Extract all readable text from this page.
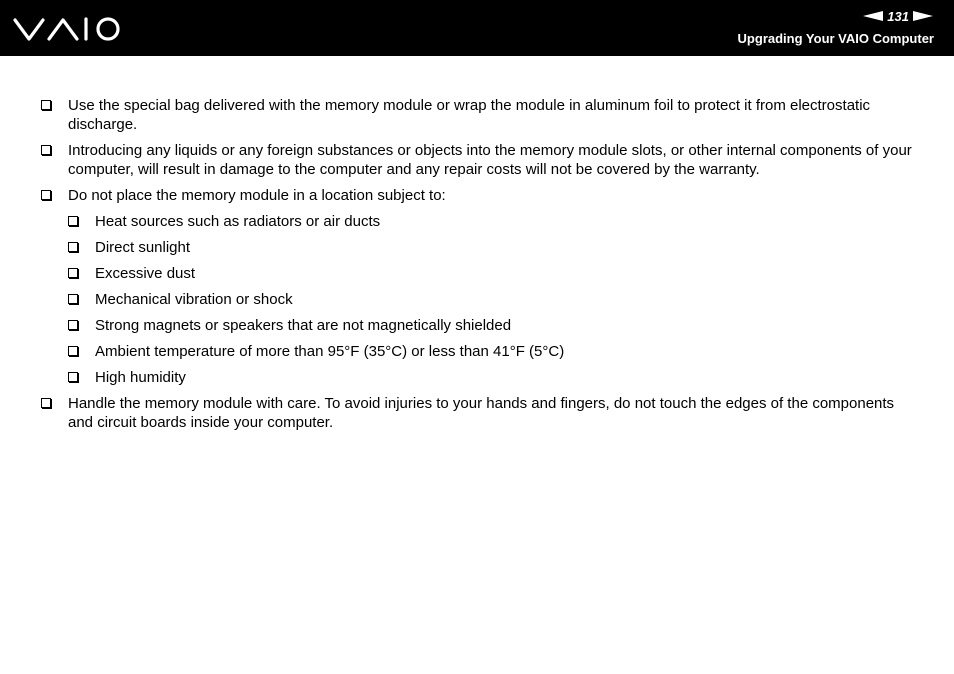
131
Upgrading Your VAIO Computer
Use the special bag delivered with the memory module or wrap the module in aluminum foil to protect it from electrostatic discharge.
Introducing any liquids or any foreign substances or objects into the memory module slots, or other internal components of your computer, will result in damage to the computer and any repair costs will not be covered by the warranty.
Do not place the memory module in a location subject to:
Heat sources such as radiators or air ducts
Direct sunlight
Excessive dust
Mechanical vibration or shock
Strong magnets or speakers that are not magnetically shielded
Ambient temperature of more than 95°F (35°C) or less than 41°F (5°C)
High humidity
Handle the memory module with care. To avoid injuries to your hands and fingers, do not touch the edges of the components and circuit boards inside your computer.
